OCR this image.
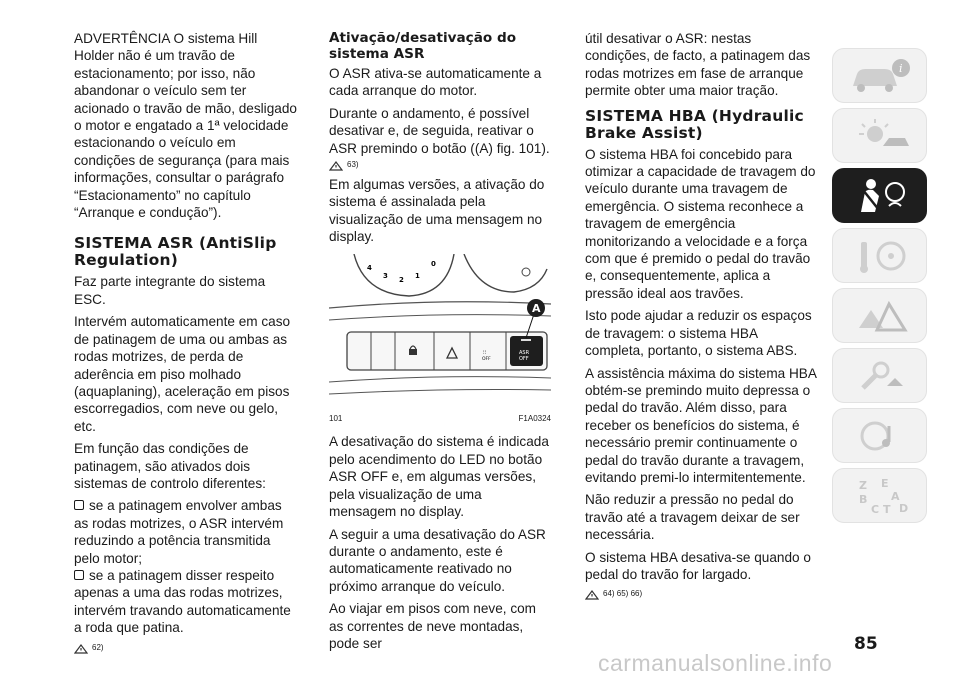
ADVERTÊNCIA O sistema Hill Holder não é um travão de estacionamento; por isso, não abandonar o veículo sem ter acionado o travão de mão, desligado o motor e engatado a 1ª velocidade estacionando o veículo em condições de segurança (para mais informações, consultar o parágrafo “Estacionamento” no capítulo “Arranque e condução”).

SISTEMA ASR (AntiSlip Regulation)

Faz parte integrante do sistema ESC.

Intervém automaticamente em caso de patinagem de uma ou ambas as rodas motrizes, de perda de aderência em piso molhado (aquaplaning), aceleração em pisos escorregadios, com neve ou gelo, etc.

Em função das condições de patinagem, são ativados dois sistemas de controlo diferentes:

se a patinagem envolver ambas as rodas motrizes, o ASR intervém reduzindo a potência transmitida pelo motor;

se a patinagem disser respeito apenas a uma das rodas motrizes, intervém travando automaticamente a roda que patina.

62)
Ativação/desativação do sistema ASR

O ASR ativa-se automaticamente a cada arranque do motor.

Durante o andamento, é possível desativar e, de seguida, reativar o ASR premindo o botão ((A) fig. 101).

63)

Em algumas versões, a ativação do sistema é assinalada pela visualização de uma mensagem no display.

4
3 2 1
0
⁝⁝
OFF
ASR
OFF
A
101	F1A0324

A desativação do sistema é indicada pelo acendimento do LED no botão ASR OFF e, em algumas versões, pela visualização de uma mensagem no display.

A seguir a uma desativação do ASR durante o andamento, este é automaticamente reativado no próximo arranque do veículo.

Ao viajar em pisos com neve, com as correntes de neve montadas, pode ser

útil desativar o ASR: nestas condições, de facto, a patinagem das rodas motrizes em fase de arranque permite obter uma maior tração.

SISTEMA HBA (Hydraulic Brake Assist)

O sistema HBA foi concebido para otimizar a capacidade de travagem do veículo durante uma travagem de emergência. O sistema reconhece a travagem de emergência monitorizando a velocidade e a força com que é premido o pedal do travão e, consequentemente, aplica a pressão ideal aos travões.

Isto pode ajudar a reduzir os espaços de travagem: o sistema HBA completa, portanto, o sistema ABS.

A assistência máxima do sistema HBA obtém-se premindo muito depressa o pedal do travão. Além disso, para receber os benefícios do sistema, é necessário premir continuamente o pedal do travão durante a travagem, evitando premi-lo intermitentemente.

Não reduzir a pressão no pedal do travão até a travagem deixar de ser necessária.

O sistema HBA desativa-se quando o pedal do travão for largado.

64) 65) 66)
i
Z E
B A
C T D
85
carmanualsonline.info
